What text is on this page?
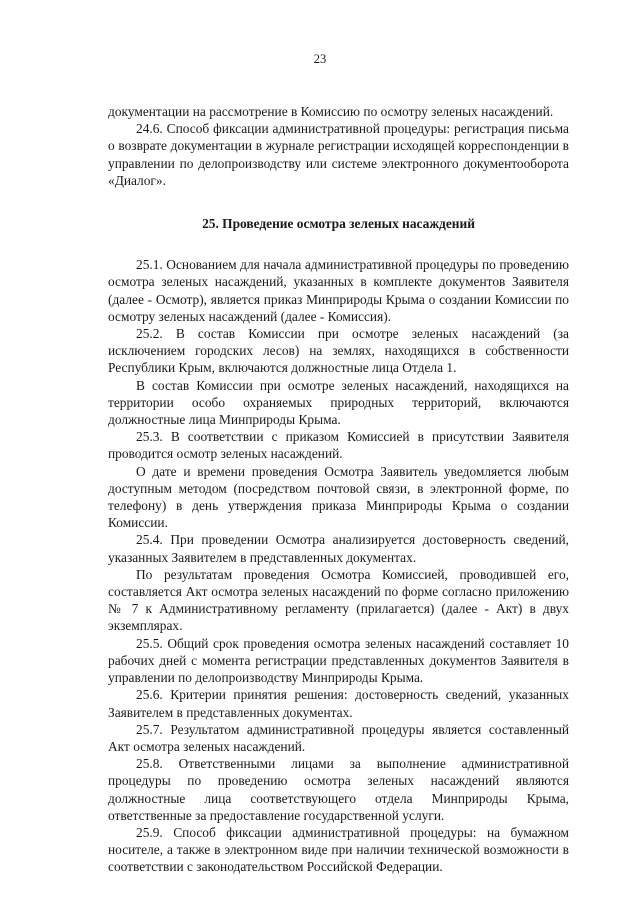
23

документации на рассмотрение в Комиссию по осмотру зеленых насаждений.

24.6. Способ фиксации административной процедуры: регистрация письма о возврате документации в журнале регистрации исходящей корреспонденции в управлении по делопроизводству или системе электронного документооборота «Диалог».

25. Проведение осмотра зеленых насаждений

25.1. Основанием для начала административной процедуры по проведению осмотра зеленых насаждений, указанных в комплекте документов Заявителя (далее - Осмотр), является приказ Минприроды Крыма о создании Комиссии по осмотру зеленых насаждений (далее - Комиссия).

25.2. В состав Комиссии при осмотре зеленых насаждений (за исключением городских лесов) на землях, находящихся в собственности Республики Крым, включаются должностные лица Отдела 1.

В состав Комиссии при осмотре зеленых насаждений, находящихся на территории особо охраняемых природных территорий, включаются должностные лица Минприроды Крыма.

25.3. В соответствии с приказом Комиссией в присутствии Заявителя проводится осмотр зеленых насаждений.

О дате и времени проведения Осмотра Заявитель уведомляется любым доступным методом (посредством почтовой связи, в электронной форме, по телефону) в день утверждения приказа Минприроды Крыма о создании Комиссии.

25.4. При проведении Осмотра анализируется достоверность сведений, указанных Заявителем в представленных документах.

По результатам проведения Осмотра Комиссией, проводившей его, составляется Акт осмотра зеленых насаждений по форме согласно приложению № 7 к Административному регламенту (прилагается) (далее - Акт) в двух экземплярах.

25.5. Общий срок проведения осмотра зеленых насаждений составляет 10 рабочих дней с момента регистрации представленных документов Заявителя в управлении по делопроизводству Минприроды Крыма.

25.6. Критерии принятия решения: достоверность сведений, указанных Заявителем в представленных документах.

25.7. Результатом административной процедуры является составленный Акт осмотра зеленых насаждений.

25.8. Ответственными лицами за выполнение административной процедуры по проведению осмотра зеленых насаждений являются должностные лица соответствующего отдела Минприроды Крыма, ответственные за предоставление государственной услуги.

25.9. Способ фиксации административной процедуры: на бумажном носителе, а также в электронном виде при наличии технической возможности в соответствии с законодательством Российской Федерации.
